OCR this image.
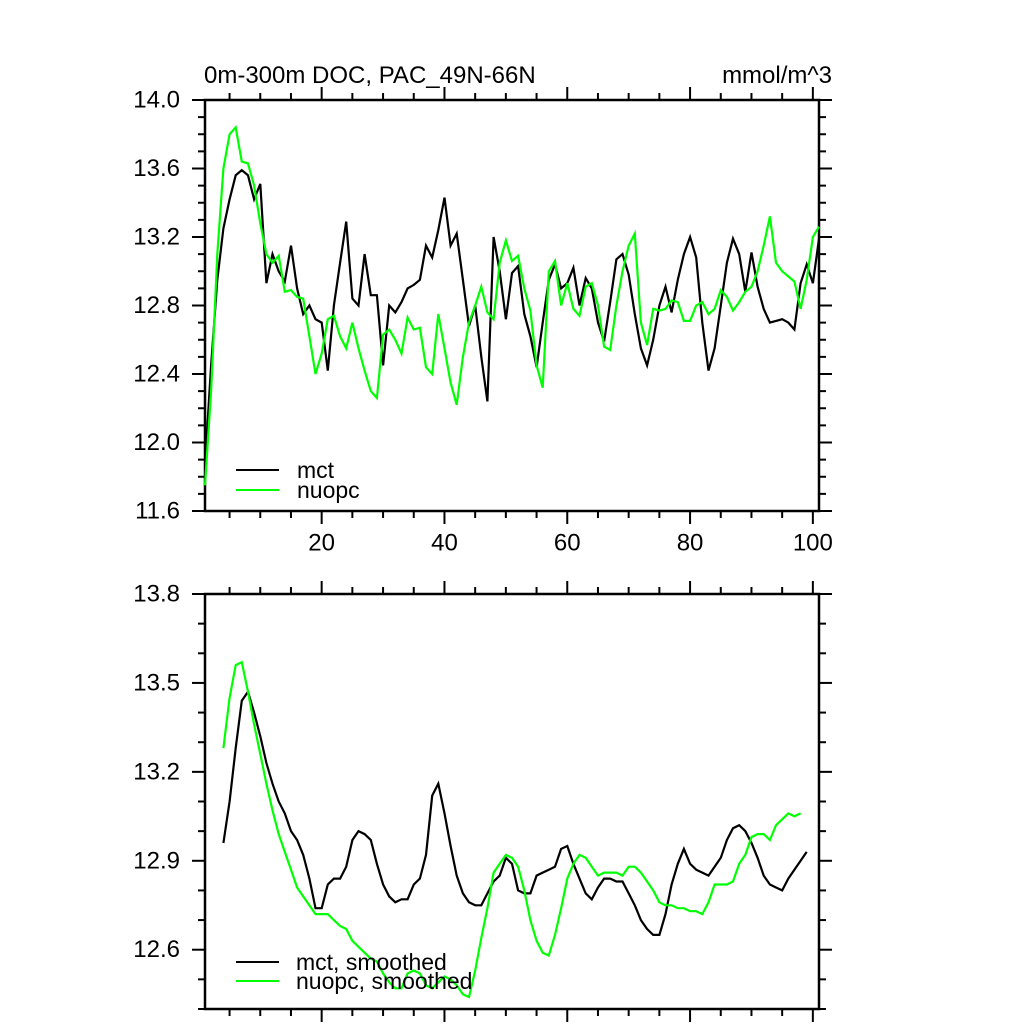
14.0
13.6
13.2
12.8
12.4
12.0
11.6
20	40	60	80	100
13.8
13.5
13.2
12.9
12.6
0m-300m DOC, PAC_49N-66N	mmol/m^3
mct
nuopc
mct, smoothed
nuopc, smoothed
